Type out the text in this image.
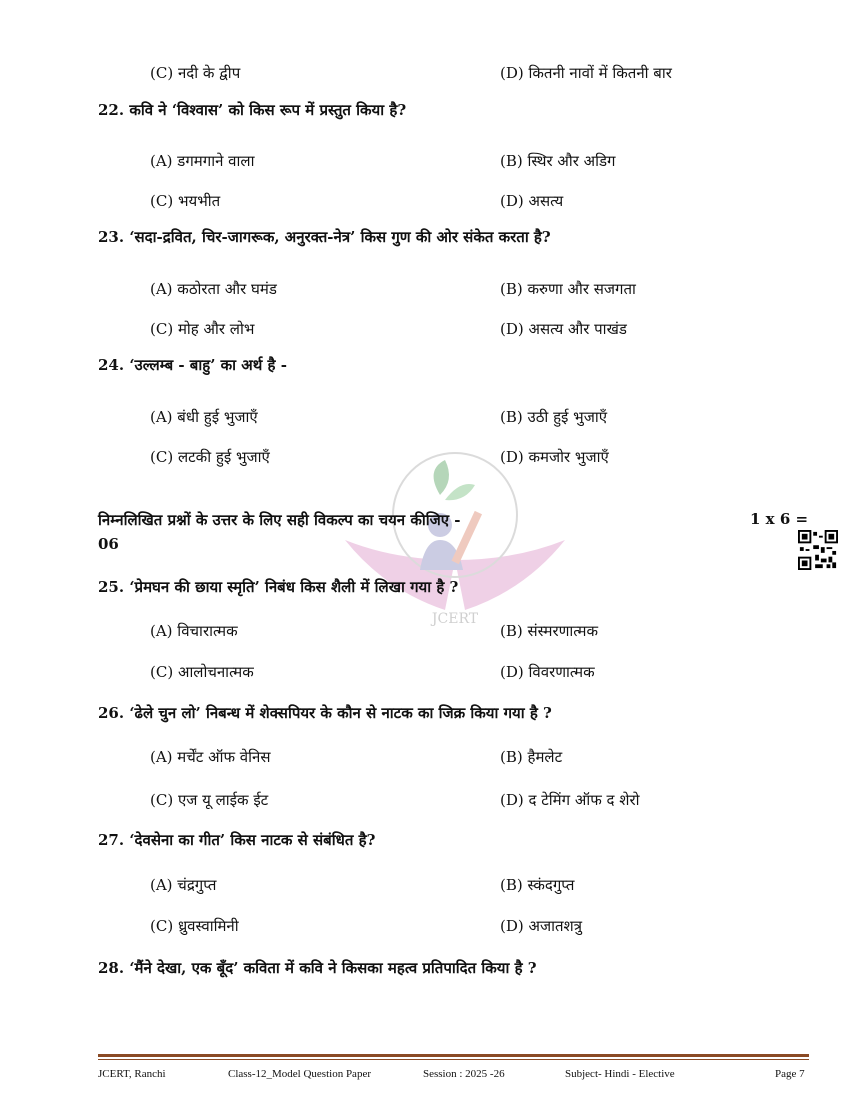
JCERT
(C) नदी के द्वीप	(D) कितनी नावों में कितनी बार
22. कवि ने ‘विश्वास’ को किस रूप में प्रस्तुत किया है?
(A) डगमगाने वाला	(B) स्थिर और अडिग
(C) भयभीत	(D) असत्य
23. ‘सदा-द्रवित, चिर-जागरूक, अनुरक्त-नेत्र’ किस गुण की ओर संकेत करता है?
(A) कठोरता और घमंड	(B) करुणा और सजगता
(C) मोह और लोभ	(D) असत्य और पाखंड
24. ‘उल्लम्ब - बाहु’ का अर्थ है -
(A) बंधी हुई भुजाएँ	(B) उठी हुई भुजाएँ
(C) लटकी हुई भुजाएँ	(D) कमजोर भुजाएँ
निम्नलिखित प्रश्नों के उत्तर के लिए सही विकल्प का चयन कीजिए -	1 x 6 =
06
25. ‘प्रेमघन की छाया स्मृति’ निबंध किस शैली में लिखा गया है ?
(A) विचारात्मक	(B) संस्मरणात्मक
(C) आलोचनात्मक	(D) विवरणात्मक
26. ‘ढेले चुन लो’ निबन्ध में शेक्सपियर के कौन से नाटक का जिक्र किया गया है ?
(A) मर्चेंट ऑफ वेनिस	(B) हैमलेट
(C) एज यू लाईक ईट	(D) द टेमिंग ऑफ द शेरो
27. ‘देवसेना का गीत’ किस नाटक से संबंधित है?
(A) चंद्रगुप्त	(B) स्कंदगुप्त
(C) ध्रुवस्वामिनी	(D) अजातशत्रु
28. ‘मैंने देखा, एक बूँद’ कविता में कवि ने किसका महत्व प्रतिपादित किया है ?
JCERT, Ranchi	Class-12_Model Question Paper	Session : 2025 -26	Subject- Hindi - Elective	Page 7
